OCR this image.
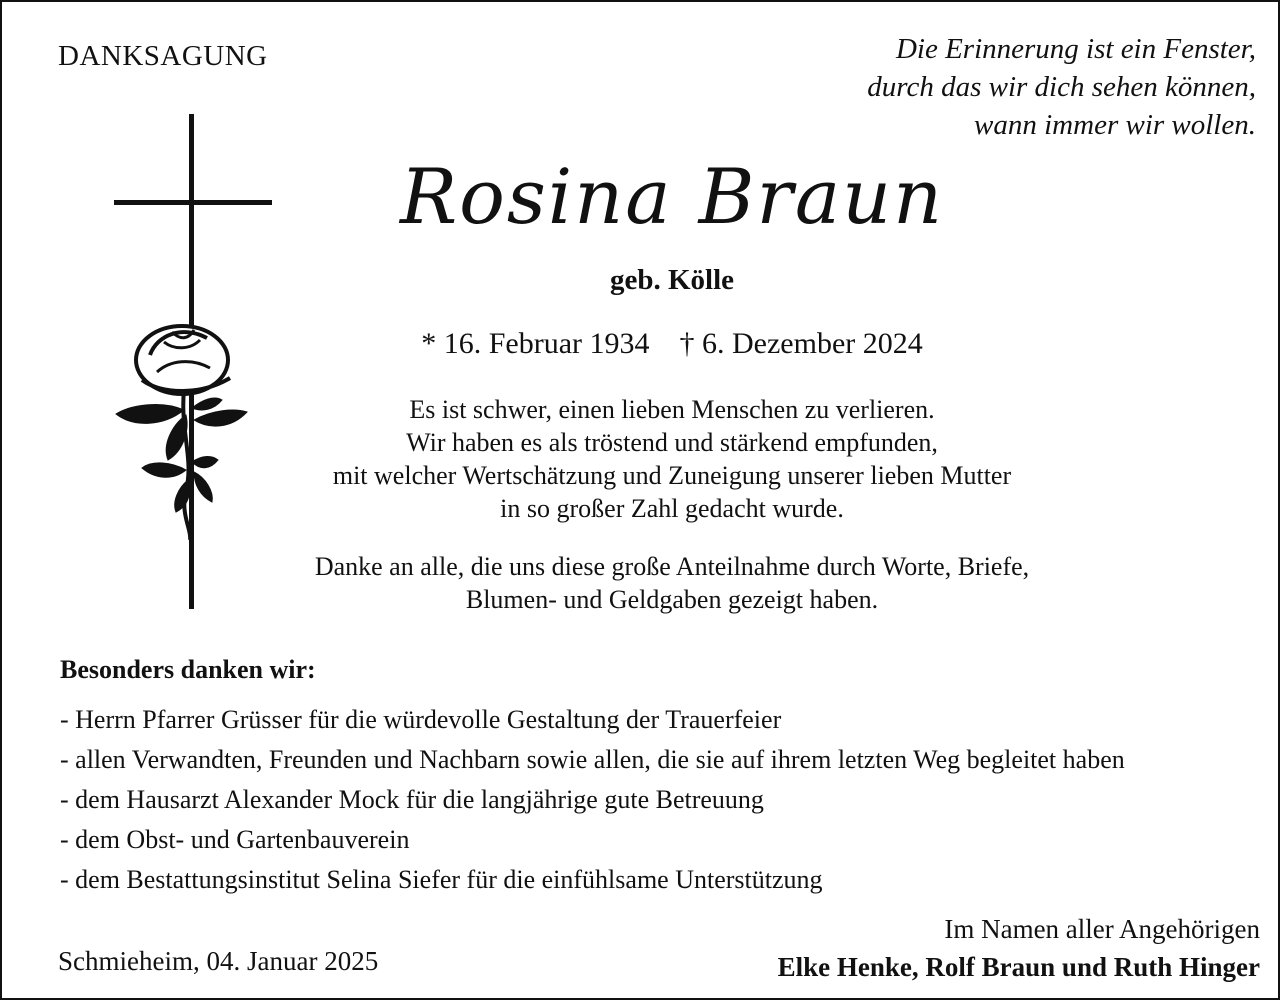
DANKSAGUNG	Die Erinnerung ist ein Fenster,
durch das wir dich sehen können,
wann immer wir wollen.
Rosina Braun
geb. Kölle
* 16. Februar 1934 † 6. Dezember 2024
Es ist schwer, einen lieben Menschen zu verlieren.
Wir haben es als tröstend und stärkend empfunden,
mit welcher Wertschätzung und Zuneigung unserer lieben Mutter
in so großer Zahl gedacht wurde.
Danke an alle, die uns diese große Anteilnahme durch Worte, Briefe,
Blumen- und Geldgaben gezeigt haben.
Besonders danken wir:
- Herrn Pfarrer Grüsser für die würdevolle Gestaltung der Trauerfeier
- allen Verwandten, Freunden und Nachbarn sowie allen, die sie auf ihrem letzten Weg begleitet haben
- dem Hausarzt Alexander Mock für die langjährige gute Betreuung
- dem Obst- und Gartenbauverein
- dem Bestattungsinstitut Selina Siefer für die einfühlsame Unterstützung
Schmieheim, 04. Januar 2025
Im Namen aller Angehörigen
Elke Henke, Rolf Braun und Ruth Hinger
